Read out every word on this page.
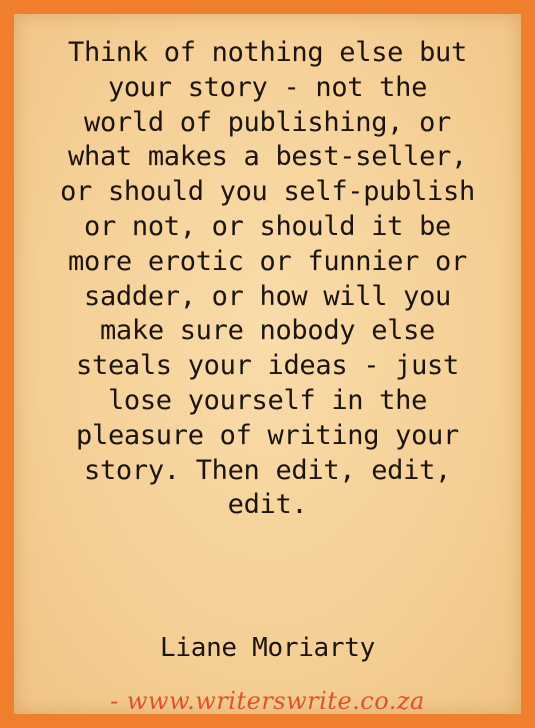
Think of nothing else but
your story - not the
world of publishing, or
what makes a best-seller,
or should you self-publish
or not, or should it be
more erotic or funnier or
sadder, or how will you
make sure nobody else
steals your ideas - just
lose yourself in the
pleasure of writing your
story. Then edit, edit,
edit.

Liane Moriarty

- www.writerswrite.co.za
